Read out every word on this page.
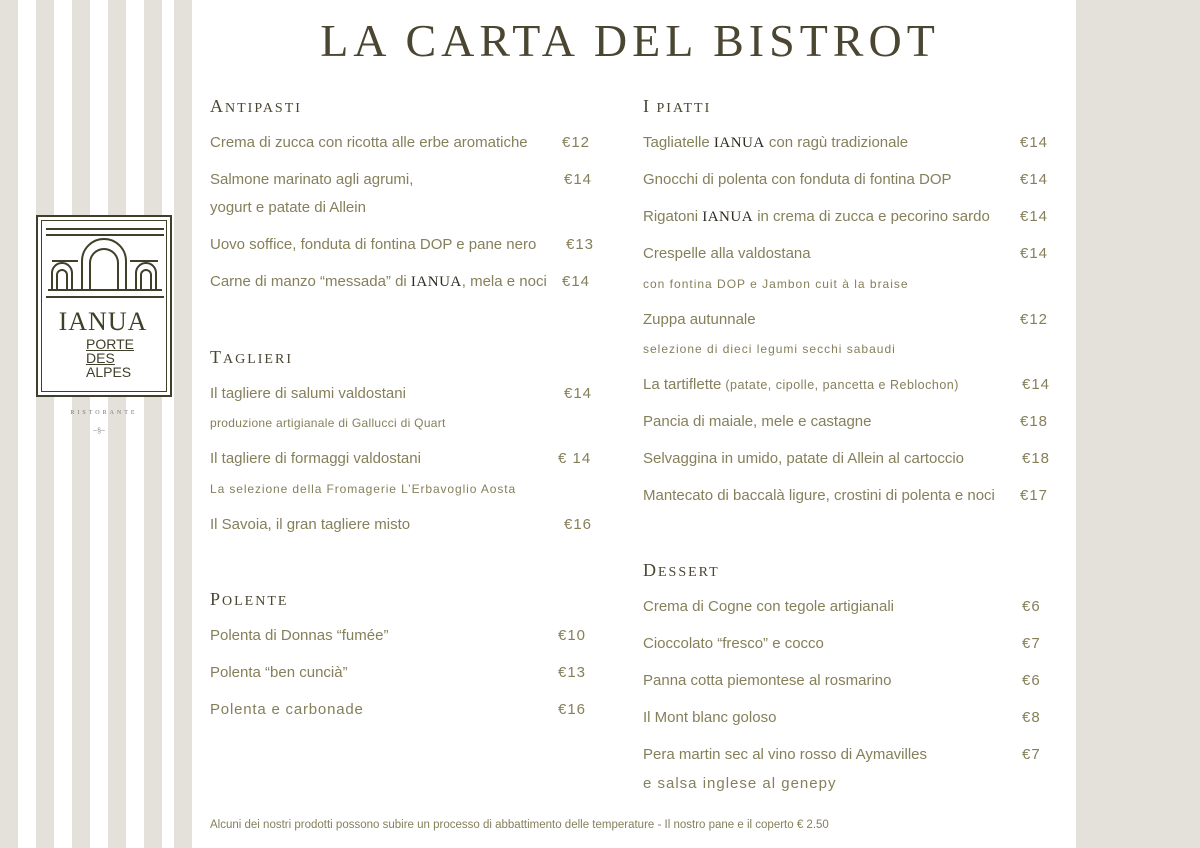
IANUA
PORTE
DES
ALPES
RISTORANTE
~§~
LA CARTA DEL BISTROT
ANTIPASTI
Crema di zucca con ricotta alle erbe aromatiche €12
Salmone marinato agli agrumi,
yogurt e patate di Allein
€14
Uovo soffice, fonduta di fontina DOP e pane nero €13
Carne di manzo “messada” di IANUA, mela e noci €14
TAGLIERI
Il tagliere di salumi valdostani
produzione artigianale di Gallucci di Quart
€14
Il tagliere di formaggi valdostani
La selezione della Fromagerie L’Erbavoglio Aosta
€ 14
Il Savoia, il gran tagliere misto	€16
POLENTE
Polenta di Donnas “fumée”	€10
Polenta “ben cuncià”	€13
Polenta e carbonade	€16
I PIATTI
Tagliatelle IANUA con ragù tradizionale	€14
Gnocchi di polenta con fonduta di fontina DOP	€14
Rigatoni IANUA in crema di zucca e pecorino sardo €14
Crespelle alla valdostana
con fontina DOP e Jambon cuit à la braise
€14
Zuppa autunnale
selezione di dieci legumi secchi sabaudi
€12
La tartiflette (patate, cipolle, pancetta e Reblochon)	€14
Pancia di maiale, mele e castagne	€18
Selvaggina in umido, patate di Allein al cartoccio	€18
Mantecato di baccalà ligure, crostini di polenta e noci €17
DESSERT
Crema di Cogne con tegole artigianali	€6
Cioccolato “fresco” e cocco	€7
Panna cotta piemontese al rosmarino	€6
Il Mont blanc goloso	€8
Pera martin sec al vino rosso di Aymavilles
e salsa inglese al genepy
€7
Alcuni dei nostri prodotti possono subire un processo di abbattimento delle temperature - Il nostro pane e il coperto € 2.50
